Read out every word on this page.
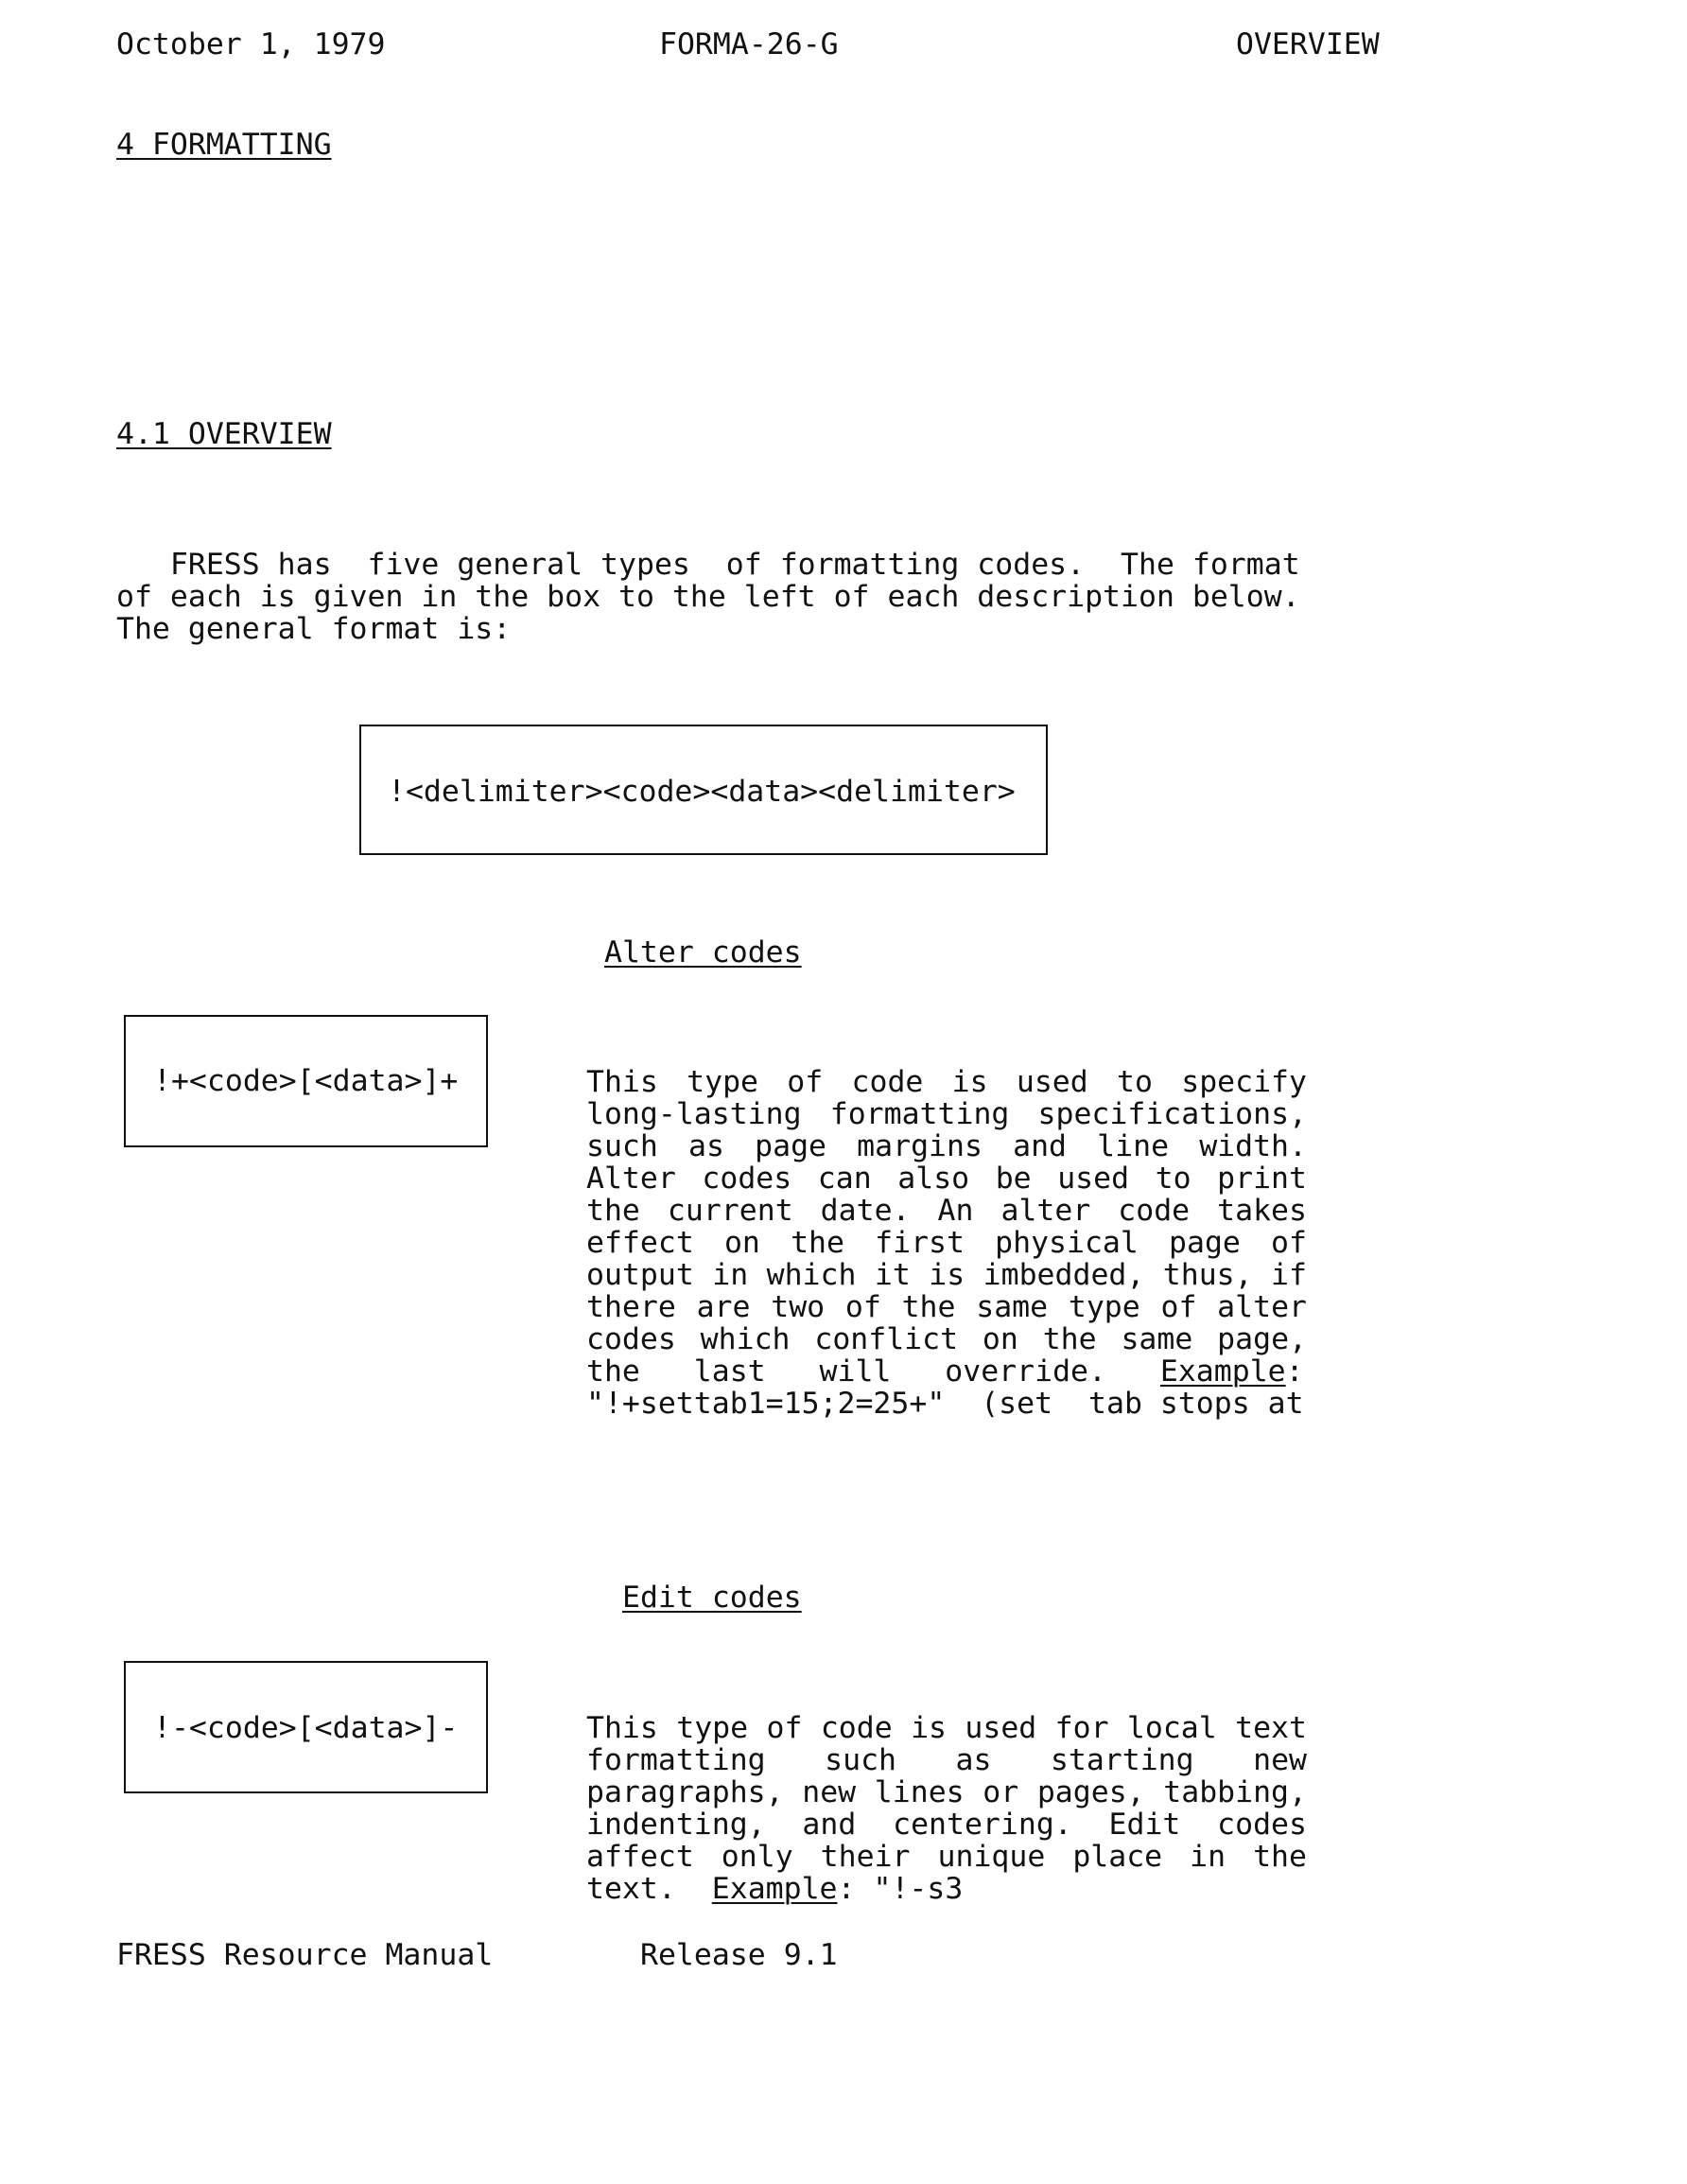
October 1, 1979	FORMA-26-G	OVERVIEW
4 FORMATTING
4.1 OVERVIEW
FRESS has  five general types  of formatting codes.  The format
of each is given in the box to the left of each description below.
The general format is:
!<delimiter><code><data><delimiter>
Alter codes
!+<code>[<data>]+	This type of code is used to specify
long-lasting formatting specifications,
such as page margins and line width.
Alter codes can also be used to print
the current date. An alter code takes
effect on the first physical page of
output in which it is imbedded, thus, if
there are two of the same type of alter
codes which conflict on the same page,
the   last   will   override.   Example:
"!+settab1=15;2=25+"  (set  tab stops at
Edit codes
!-<code>[<data>]-	This type of code is used for local text
formatting such as starting new
paragraphs, new lines or pages, tabbing,
indenting, and centering. Edit codes
affect only their unique place in the
text.  Example: "!-s3
FRESS Resource Manual	Release 9.1
